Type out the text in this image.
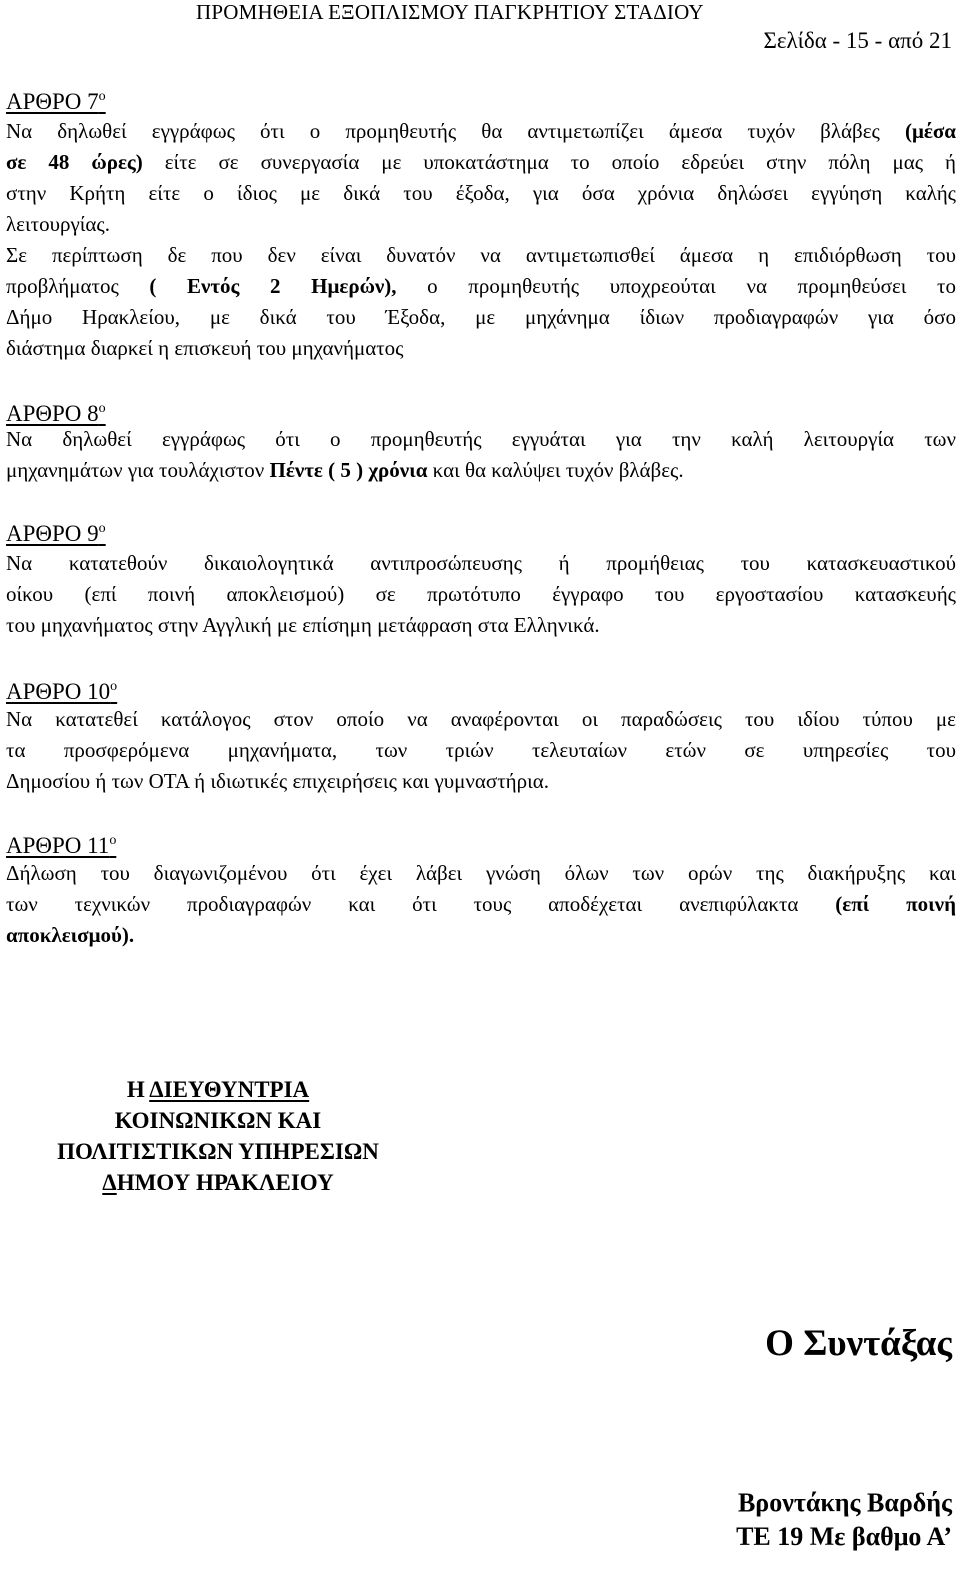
ΠΡΟΜΗΘΕΙΑ ΕΞΟΠΛΙΣΜΟΥ ΠΑΓΚΡΗΤΙΟΥ ΣΤΑΔΙΟΥ
Σελίδα - 15 - από 21
ΑΡΘΡΟ $7^o$
Να δηλωθεί εγγράφως ότι ο προμηθευτής θα αντιμετωπίζει άμεσα τυχόν βλάβες (μέσα
σε 48 ώρες) είτε σε συνεργασία με υποκατάστημα το οποίο εδρεύει στην πόλη μας ή
στην Κρήτη είτε ο ίδιος με δικά του έξοδα, για όσα χρόνια δηλώσει εγγύηση καλής
λειτουργίας.
Σε περίπτωση δε που δεν είναι δυνατόν να αντιμετωπισθεί άμεσα η επιδιόρθωση του
προβλήματος ( Εντός 2 Ημερών), ο προμηθευτής υποχρεούται να προμηθεύσει το
Δήμο Ηρακλείου, με δικά του Έξοδα, με μηχάνημα ίδιων προδιαγραφών για όσο
διάστημα διαρκεί η επισκευή του μηχανήματος
ΑΡΘΡΟ $8^o$
Να δηλωθεί εγγράφως ότι ο προμηθευτής εγγυάται για την καλή λειτουργία των
μηχανημάτων για τουλάχιστον Πέντε ( 5 ) χρόνια και θα καλύψει τυχόν βλάβες.
ΑΡΘΡΟ $9^o$
Να κατατεθούν δικαιολογητικά αντιπροσώπευσης ή προμήθειας του κατασκευαστικού
οίκου (επί ποινή αποκλεισμού) σε πρωτότυπο έγγραφο του εργοστασίου κατασκευής
του μηχανήματος στην Αγγλική με επίσημη μετάφραση στα Ελληνικά.
ΑΡΘΡΟ $10^o$
Να κατατεθεί κατάλογος στον οποίο να αναφέρονται οι παραδώσεις του ιδίου τύπου με
τα προσφερόμενα μηχανήματα, των τριών τελευταίων ετών σε υπηρεσίες του
Δημοσίου ή των ΟΤΑ ή ιδιωτικές επιχειρήσεις και γυμναστήρια.
ΑΡΘΡΟ $11^o$
Δήλωση του διαγωνιζομένου ότι έχει λάβει γνώση όλων των ορών της διακήρυξης και
των τεχνικών προδιαγραφών και ότι τους αποδέχεται ανεπιφύλακτα (επί ποινή
αποκλεισμού).
Η ΔΙΕΥΘΥΝΤΡΙΑ
ΚΟΙΝΩΝΙΚΩΝ ΚΑΙ
ΠΟΛΙΤΙΣΤΙΚΩΝ ΥΠΗΡΕΣΙΩΝ
ΔΗΜΟΥ ΗΡΑΚΛΕΙΟΥ
Ο Συντάξας
Βροντάκης Βαρδής
ΤΕ 19 Με βαθμο Α’
